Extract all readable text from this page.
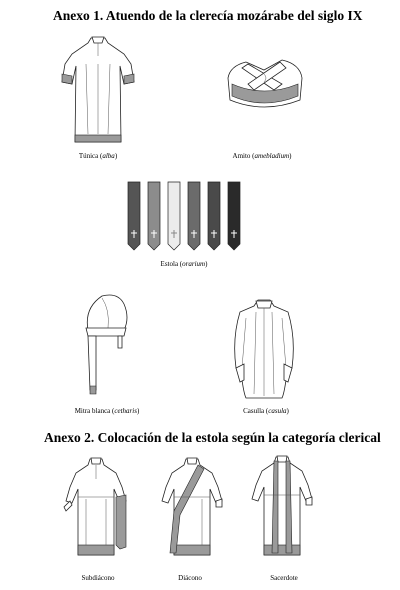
Anexo 1. Atuendo de la clerecía mozárabe del siglo IX
Túnica (alba)	Amito (amebladium)
Estola (orarium)
Mitra blanca (cetharis)	Casulla (casula)
Anexo 2. Colocación de la estola según la categoría clerical
Subdiácono	Diácono	Sacerdote
